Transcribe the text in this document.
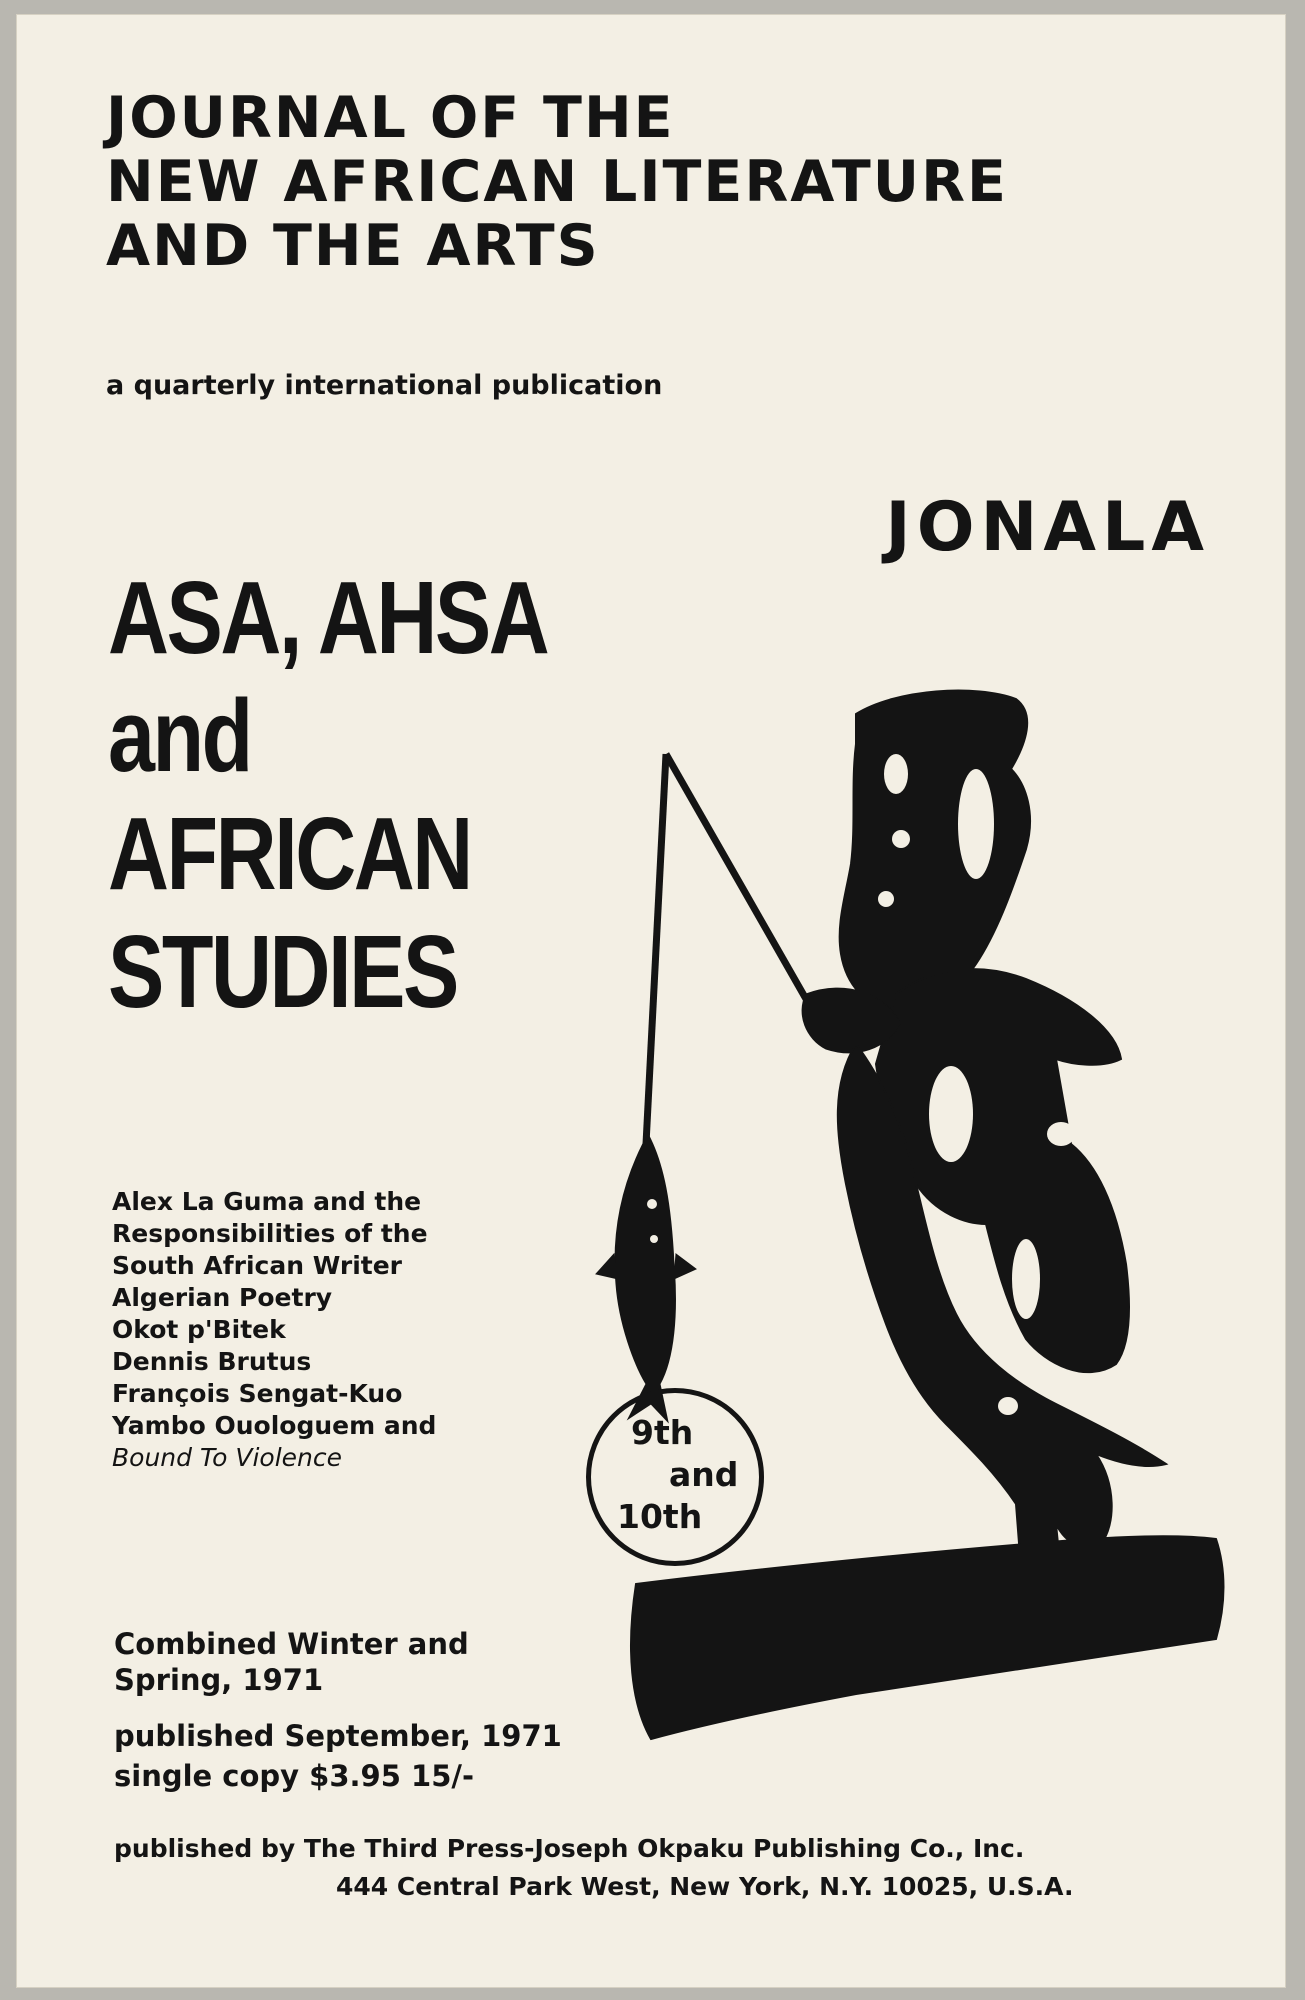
JOURNAL OF THE
NEW AFRICAN LITERATURE
AND THE ARTS

a quarterly international publication

JONALA

ASA, AHSA
and
AFRICAN
STUDIES
Alex La Guma and the
Responsibilities of the
South African Writer
Algerian Poetry
Okot p'Bitek
Dennis Brutus
François Sengat-Kuo
Yambo Ouologuem and
Bound To Violence
9th
and
10th

Combined Winter and
Spring, 1971

published September, 1971
single copy $3.95 15/-

published by The Third Press-Joseph Okpaku Publishing Co., Inc.

444 Central Park West, New York, N.Y. 10025, U.S.A.
